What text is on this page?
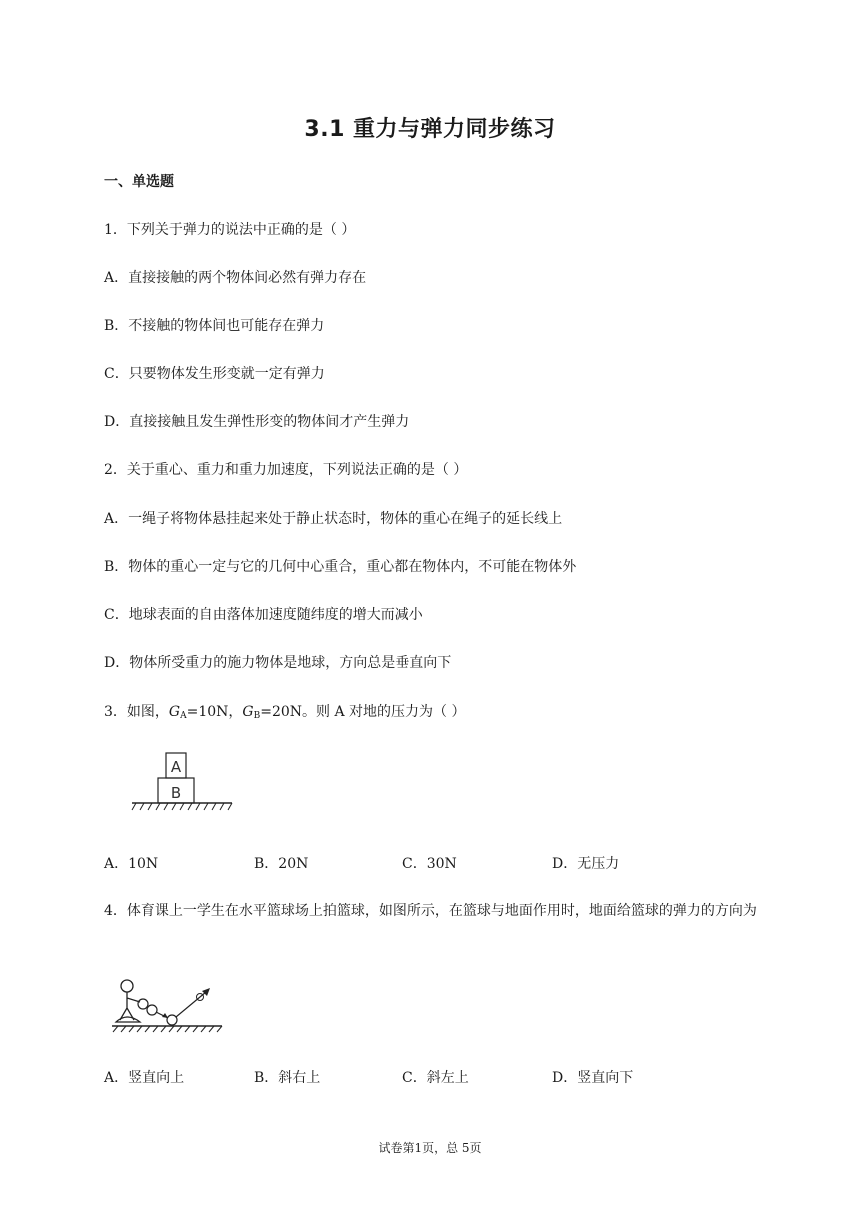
3.1 重力与弹力同步练习
一、单选题
1．下列关于弹力的说法中正确的是（ ）
A．直接接触的两个物体间必然有弹力存在
B．不接触的物体间也可能存在弹力
C．只要物体发生形变就一定有弹力
D．直接接触且发生弹性形变的物体间才产生弹力
2．关于重心、重力和重力加速度，下列说法正确的是（ ）
A．一绳子将物体悬挂起来处于静止状态时，物体的重心在绳子的延长线上
B．物体的重心一定与它的几何中心重合，重心都在物体内，不可能在物体外
C．地球表面的自由落体加速度随纬度的增大而减小
D．物体所受重力的施力物体是地球，方向总是垂直向下
3．如图，$G_A=10N$，$G_B=20N$。则 A 对地的压力为（ ）
A
B
A．10N	B．20N	C．30N	D．无压力
4．体育课上一学生在水平篮球场上拍篮球，如图所示，在篮球与地面作用时，地面给篮球的弹力的方向为
A．竖直向上	B．斜右上	C．斜左上	D．竖直向下
试卷第1页，总 5页
